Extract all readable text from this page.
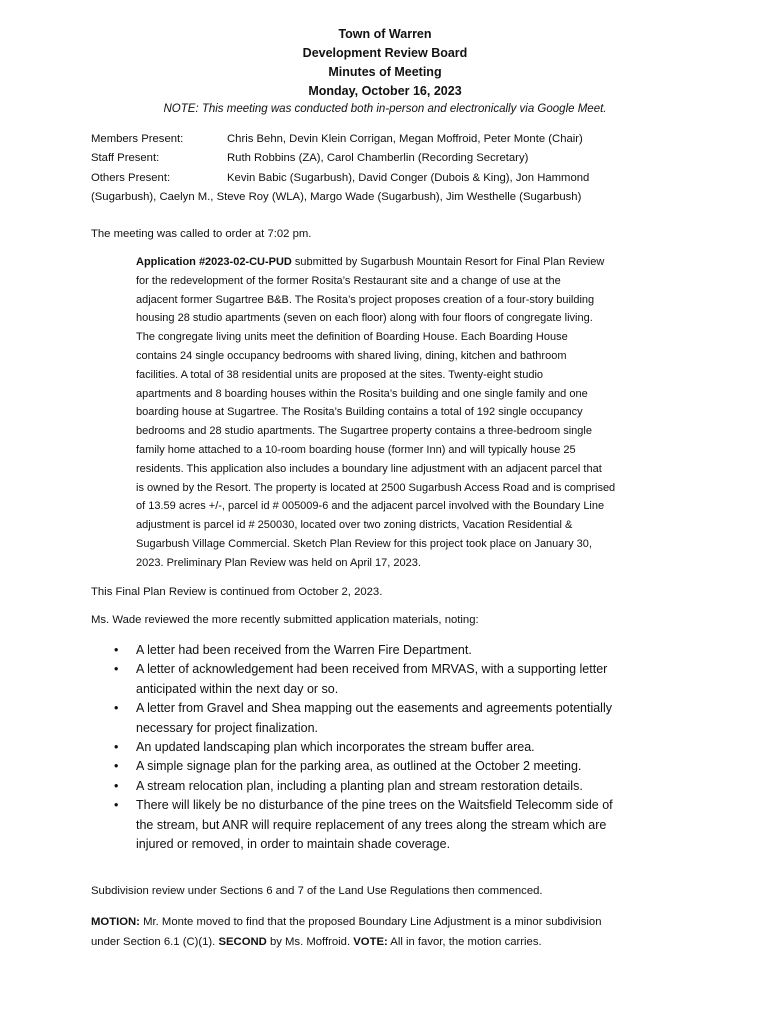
Town of Warren
Development Review Board
Minutes of Meeting
Monday, October 16, 2023
NOTE: This meeting was conducted both in-person and electronically via Google Meet.
Members Present:	Chris Behn, Devin Klein Corrigan, Megan Moffroid, Peter Monte (Chair)
Staff Present:	Ruth Robbins (ZA), Carol Chamberlin (Recording Secretary)
Others Present:	Kevin Babic (Sugarbush), David Conger (Dubois & King), Jon Hammond
(Sugarbush), Caelyn M., Steve Roy (WLA), Margo Wade (Sugarbush), Jim Westhelle (Sugarbush)
The meeting was called to order at 7:02 pm.
Application #2023-02-CU-PUD submitted by Sugarbush Mountain Resort for Final Plan Review
for the redevelopment of the former Rosita’s Restaurant site and a change of use at the
adjacent former Sugartree B&B. The Rosita’s project proposes creation of a four-story building
housing 28 studio apartments (seven on each floor) along with four floors of congregate living.
The congregate living units meet the definition of Boarding House. Each Boarding House
contains 24 single occupancy bedrooms with shared living, dining, kitchen and bathroom
facilities. A total of 38 residential units are proposed at the sites. Twenty-eight studio
apartments and 8 boarding houses within the Rosita’s building and one single family and one
boarding house at Sugartree. The Rosita’s Building contains a total of 192 single occupancy
bedrooms and 28 studio apartments. The Sugartree property contains a three-bedroom single
family home attached to a 10-room boarding house (former Inn) and will typically house 25
residents. This application also includes a boundary line adjustment with an adjacent parcel that
is owned by the Resort. The property is located at 2500 Sugarbush Access Road and is comprised
of 13.59 acres +/-, parcel id # 005009-6 and the adjacent parcel involved with the Boundary Line
adjustment is parcel id # 250030, located over two zoning districts, Vacation Residential &
Sugarbush Village Commercial. Sketch Plan Review for this project took place on January 30,
2023. Preliminary Plan Review was held on April 17, 2023.
This Final Plan Review is continued from October 2, 2023.
Ms. Wade reviewed the more recently submitted application materials, noting:
• A letter had been received from the Warren Fire Department.
• A letter of acknowledgement had been received from MRVAS, with a supporting letter
anticipated within the next day or so.
• A letter from Gravel and Shea mapping out the easements and agreements potentially
necessary for project finalization.
• An updated landscaping plan which incorporates the stream buffer area.
• A simple signage plan for the parking area, as outlined at the October 2 meeting.
• A stream relocation plan, including a planting plan and stream restoration details.
• There will likely be no disturbance of the pine trees on the Waitsfield Telecomm side of
the stream, but ANR will require replacement of any trees along the stream which are
injured or removed, in order to maintain shade coverage.
Subdivision review under Sections 6 and 7 of the Land Use Regulations then commenced.
MOTION: Mr. Monte moved to find that the proposed Boundary Line Adjustment is a minor subdivision
under Section 6.1 (C)(1). SECOND by Ms. Moffroid. VOTE: All in favor, the motion carries.
